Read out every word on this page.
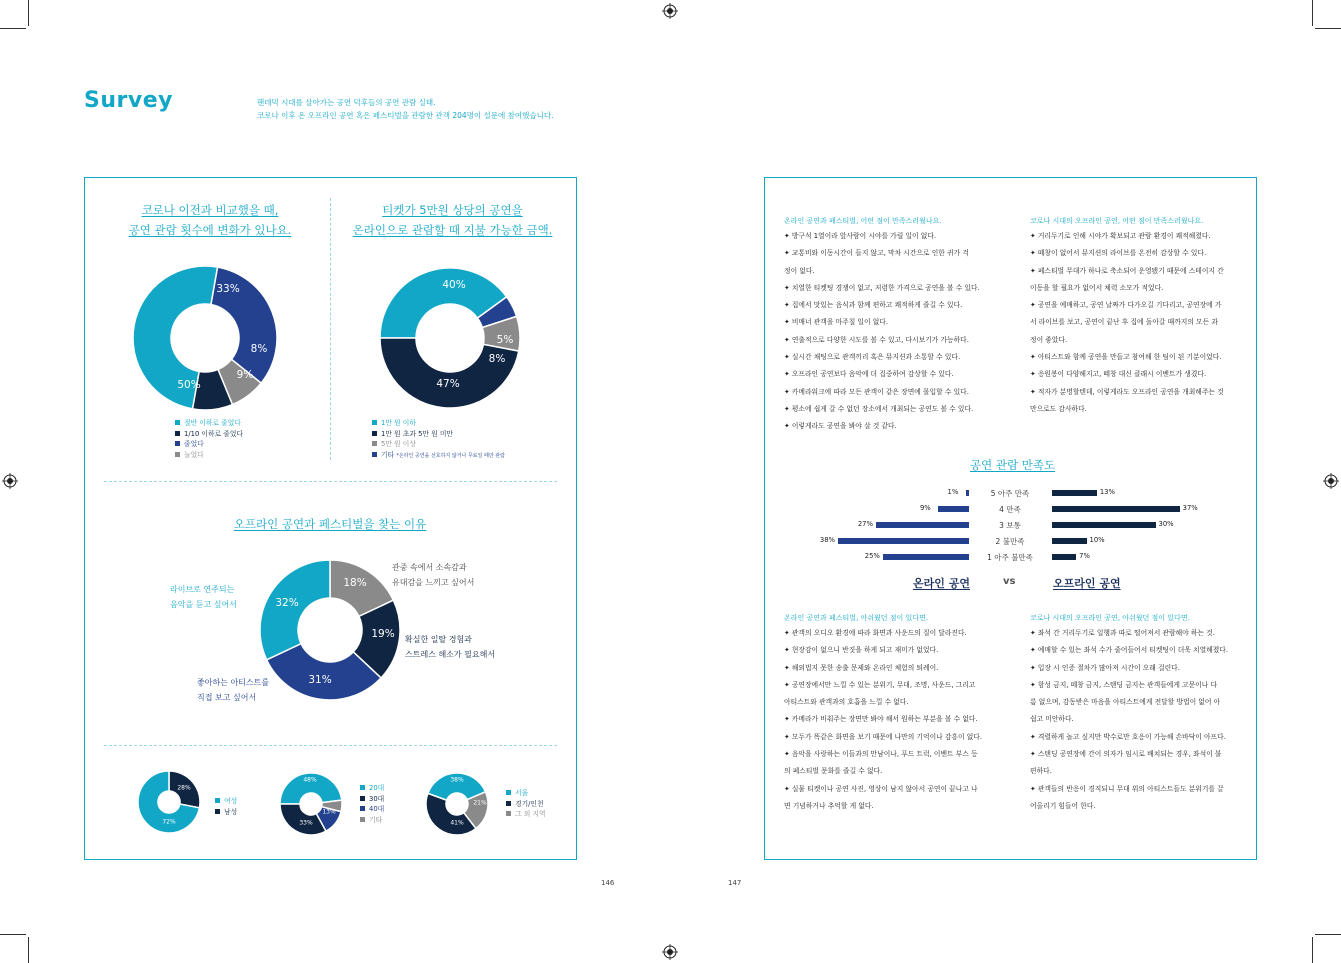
Survey	팬데믹 시대를 살아가는 공연 덕후들의 공연 관람 실태.
코로나 이후 온 오프라인 공연 혹은 페스티벌을 관람한 관객 204명이 설문에 참여했습니다.
코로나 이전과 비교했을 때,
공연 관람 횟수에 변화가 있나요.
33%
8%
9%
50%
절반 이하로 줄었다
1/10 이하로 줄었다
줄었다
늘었다
티켓가 5만원 상당의 공연을
온라인으로 관람할 때 지불 가능한 금액.
40%
5%
8%
47%
1만 원 이하
1만 원 초과 5만 원 미만
5만 원 이상
기타 *온라인 공연을 선호하지 않거나 무료일 때만 관람
오프라인 공연과 페스티벌을 찾는 이유
32%
18%
19%
31%
라이브로 연주되는
음악을 듣고 싶어서
관중 속에서 소속감과
유대감을 느끼고 싶어서
확실한 일탈 경험과
스트레스 해소가 필요해서
좋아하는 아티스트를
직접 보고 싶어서
28%
72%
여성
남성
48%
13%
33%
20대
30대
40대
기타
38%
21%
41%
서울
경기/인천
그 외 지역
온라인 공연과 페스티벌, 어떤 점이 만족스러웠나요.
✦ 방구석 1열이라 앞사람이 시야를 가릴 일이 없다.
✦ 교통비와 이동시간이 들지 않고, 막차 시간으로 인한 귀가 걱
정이 없다.
✦ 치열한 티켓팅 경쟁이 없고, 저렴한 가격으로 공연을 볼 수 있다.
✦ 집에서 맛있는 음식과 함께 편하고 쾌적하게 즐길 수 있다.
✦ 비매너 관객을 마주칠 일이 없다.
✦ 연출적으로 다양한 시도를 볼 수 있고, 다시보기가 가능하다.
✦ 실시간 채팅으로 관객끼리 혹은 뮤지션과 소통할 수 있다.
✦ 오프라인 공연보다 음악에 더 집중하여 감상할 수 있다.
✦ 카메라워크에 따라 모든 관객이 같은 장면에 몰입할 수 있다.
✦ 평소에 쉽게 갈 수 없던 장소에서 개최되는 공연도 볼 수 있다.
✦ 이렇게라도 공연을 봐야 살 것 같다.
코로나 시대의 오프라인 공연, 어떤 점이 만족스러웠나요.
✦ 거리두기로 인해 시야가 확보되고 관람 환경이 쾌적해졌다.
✦ 떼창이 없어서 뮤지션의 라이브를 온전히 감상할 수 있다.
✦ 페스티벌 무대가 하나로 축소되어 운영됐기 때문에 스테이지 간
이동을 할 필요가 없어서 체력 소모가 적었다.
✦ 공연을 예매하고, 공연 날짜가 다가오길 기다리고, 공연장에 가
서 라이브를 보고, 공연이 끝난 후 집에 돌아갈 때까지의 모든 과
정이 좋았다.
✦ 아티스트와 함께 공연을 만들고 참여해 한 팀이 된 기분이었다.
✦ 응원봉이 다양해지고, 떼창 대신 클래시 이벤트가 생겼다.
✦ 적자가 분명할텐데, 이렇게라도 오프라인 공연을 개최해주는 것
만으로도 감사하다.
공연 관람 만족도
5 아주 만족
1%	13%
4 만족
9%	37%
3 보통
27%	30%
2 불만족
38%	10%
1 아주 불만족
25%	7%
온라인 공연	vs	오프라인 공연
온라인 공연과 페스티벌, 아쉬웠던 점이 있다면.
✦ 관객의 오디오 환경에 따라 화면과 사운드의 질이 달라진다.
✦ 현장감이 없으니 반짓을 하게 되고 재미가 없었다.
✦ 해외법지 못한 송출 문제와 온라인 체험의 퇴례이.
✦ 공연장에서만 느낄 수 있는 분위기, 무대, 조명, 사운드, 그리고
아티스트와 관객과의 호흡을 느낄 수 없다.
✦ 카메라가 비춰주는 장면만 봐야 해서 원하는 부분을 볼 수 없다.
✦ 모두가 똑같은 화면을 보기 때문에 나만의 기억이나 감흥이 없다.
✦ 음악을 사랑하는 이들과의 만남이나, 푸드 트럭, 이벤트 부스 등
의 페스티벌 문화를 즐길 수 없다.
✦ 실물 티켓이나 공연 사진, 영상이 남지 않아서 공연이 끝나고 나
면 기념하거나 추억할 게 없다.
코로나 시대의 오프라인 공연, 아쉬웠던 점이 있다면.
✦ 좌석 간 거리두기로 일행과 따로 떨어져서 관람해야 하는 것.
✦ 예매할 수 있는 좌석 수가 줄어들어서 티켓팅이 더욱 치열해졌다.
✦ 입장 시 인증 절차가 많아져 시간이 오래 걸린다.
✦ 함성 금지, 떼창 금지, 스탠딩 금지는 관객들에게 고문이나 다
름 없으며, 감동받은 마음을 아티스트에게 전달할 방법이 없어 아
쉽고 미안하다.
✦ 격렬하게 놀고 싶지만 박수로만 호응이 가능해 손바닥이 아프다.
✦ 스탠딩 공연장에 간이 의자가 임시로 배치되는 경우, 좌석이 불
편하다.
✦ 관객들의 반응이 경직되니 무대 위의 아티스트들도 분위기를 끌
어올리기 힘들어 한다.
146	147
